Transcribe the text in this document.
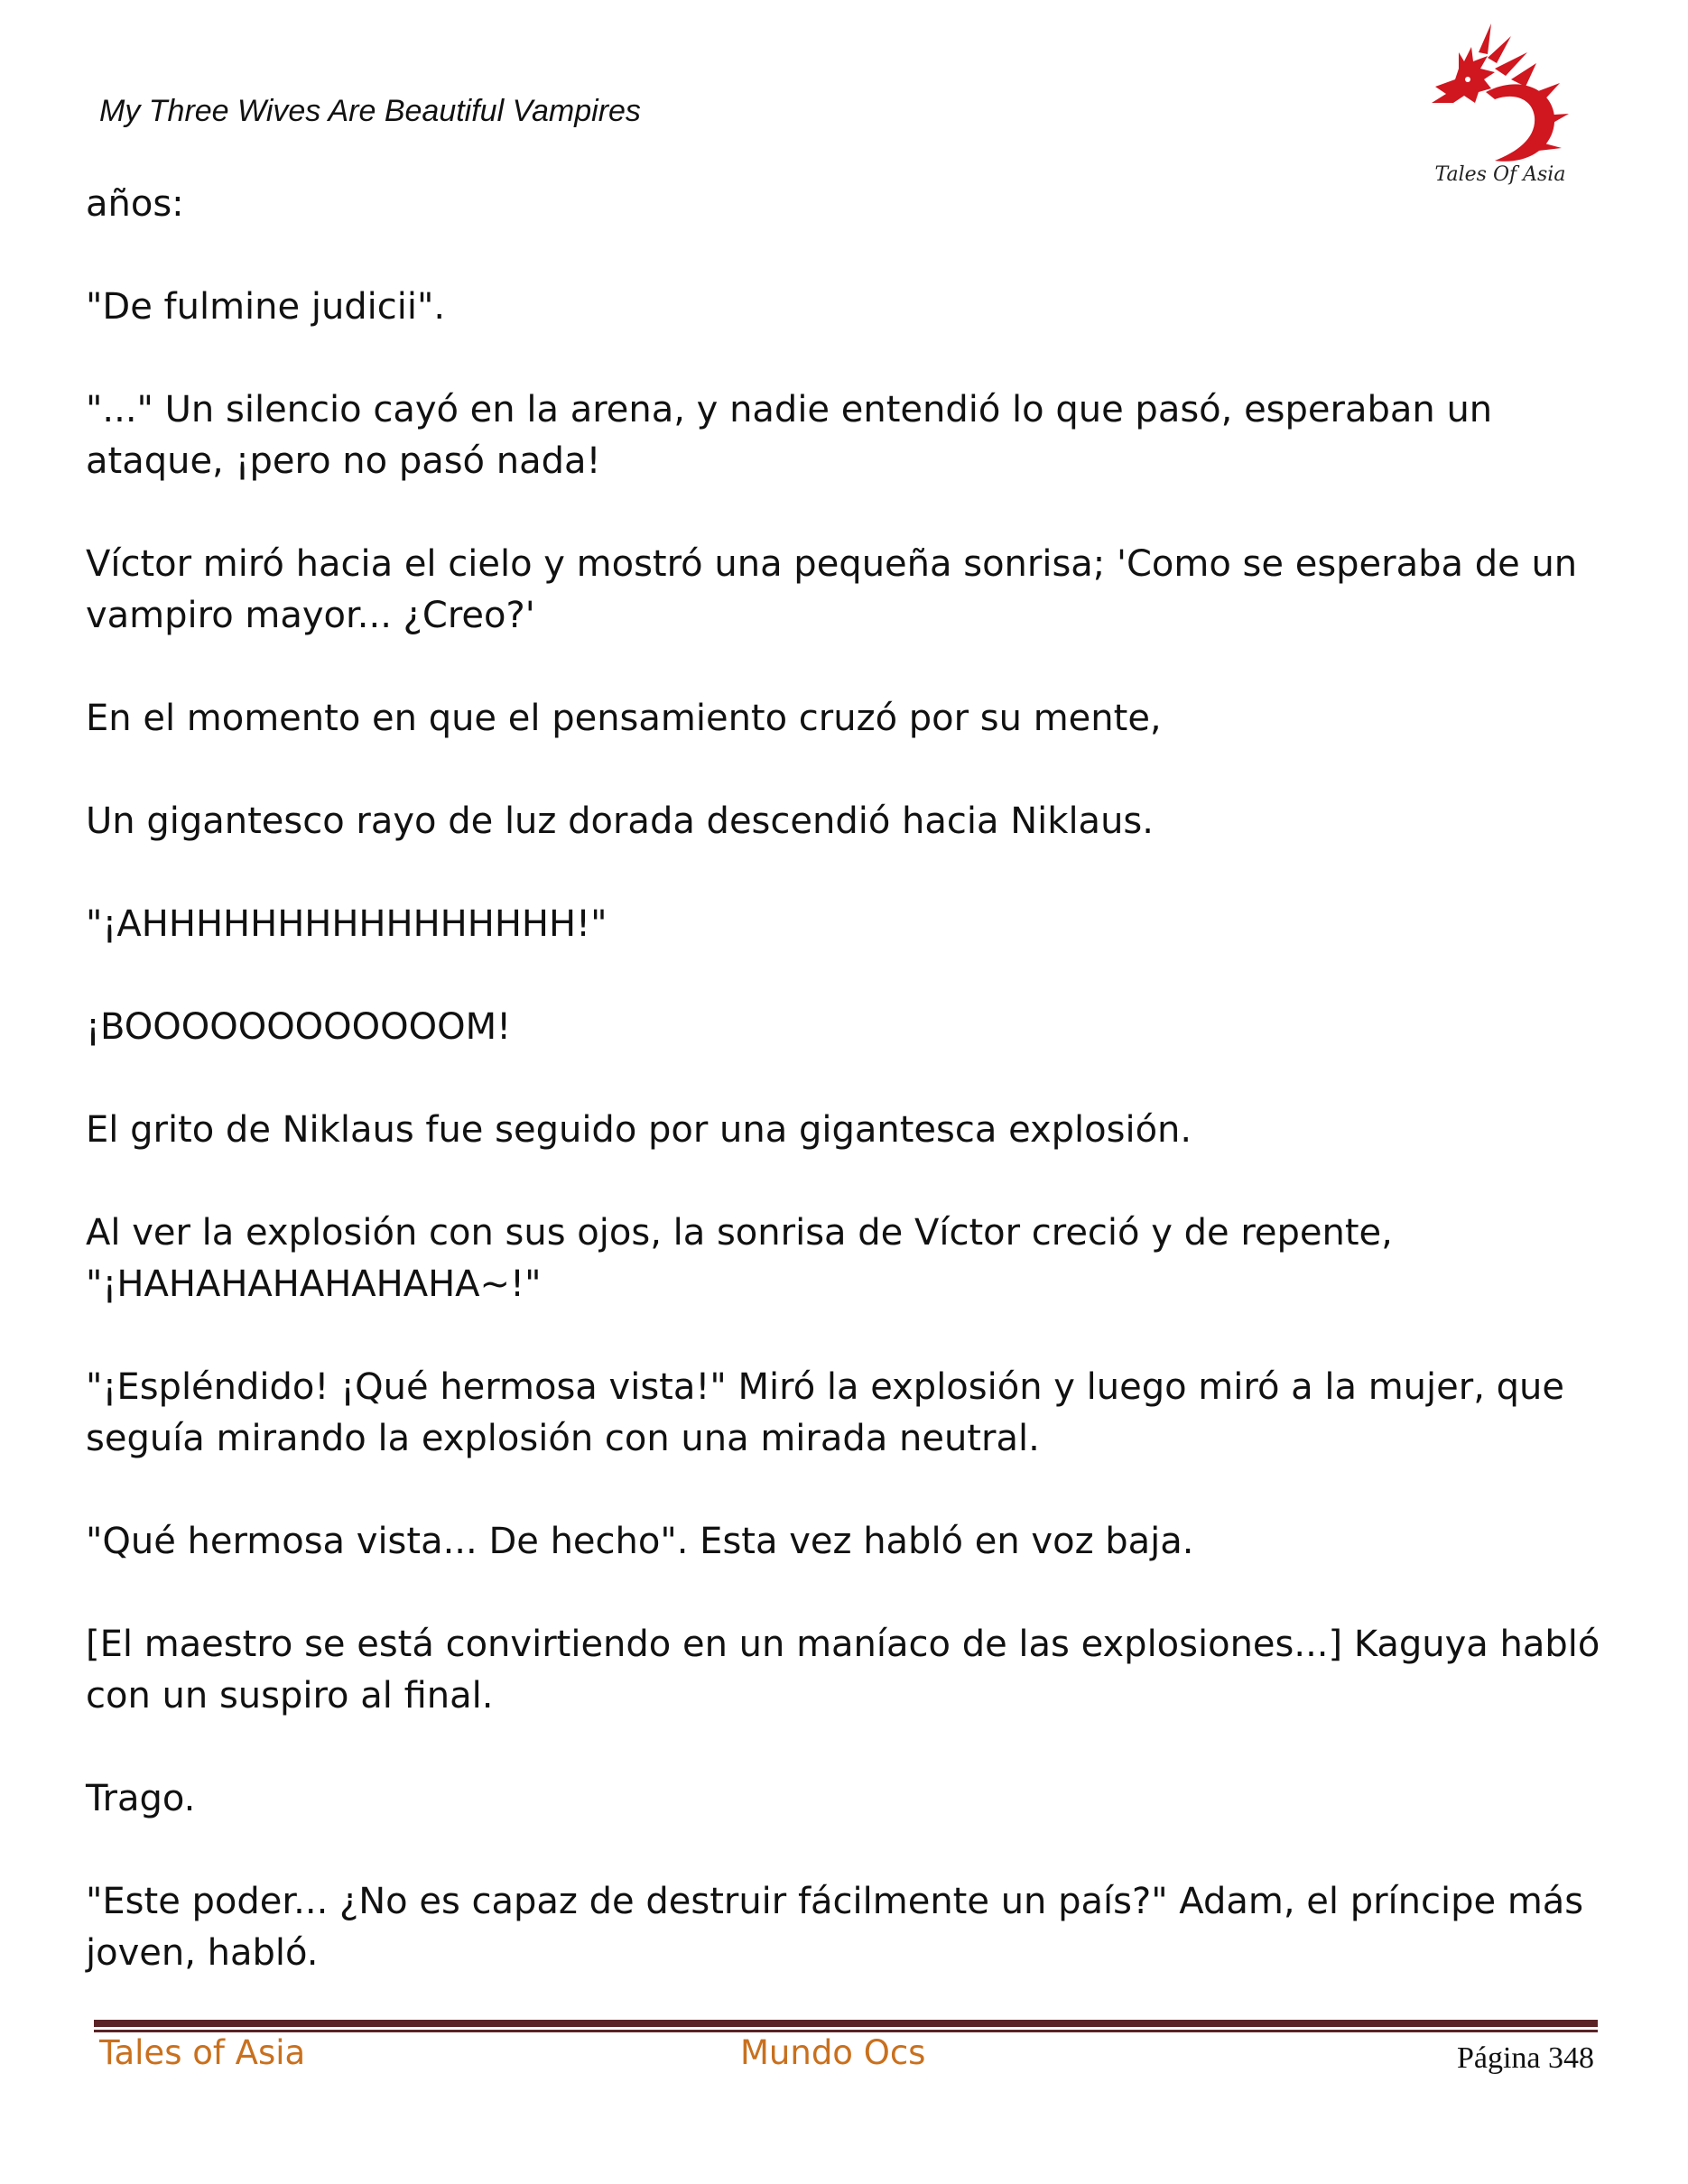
My Three Wives Are Beautiful Vampires
Tales Of Asia

años:

"De fulmine judicii".

"..." Un silencio cayó en la arena, y nadie entendió lo que pasó, esperaban un ataque, ¡pero no pasó nada!

Víctor miró hacia el cielo y mostró una pequeña sonrisa; 'Como se esperaba de un vampiro mayor... ¿Creo?'

En el momento en que el pensamiento cruzó por su mente,

Un gigantesco rayo de luz dorada descendió hacia Niklaus.

"¡AHHHHHHHHHHHHHHHH!"

¡BOOOOOOOOOOOOM!

El grito de Niklaus fue seguido por una gigantesca explosión.

Al ver la explosión con sus ojos, la sonrisa de Víctor creció y de repente, "¡HAHAHAHAHAHAHA~!"

"¡Espléndido! ¡Qué hermosa vista!" Miró la explosión y luego miró a la mujer, que seguía mirando la explosión con una mirada neutral.

"Qué hermosa vista... De hecho". Esta vez habló en voz baja.

[El maestro se está convirtiendo en un maníaco de las explosiones...] Kaguya habló con un suspiro al final.

Trago.

"Este poder... ¿No es capaz de destruir fácilmente un país?" Adam, el príncipe más joven, habló.

Tales of Asia	Mundo Ocs	Página 348
